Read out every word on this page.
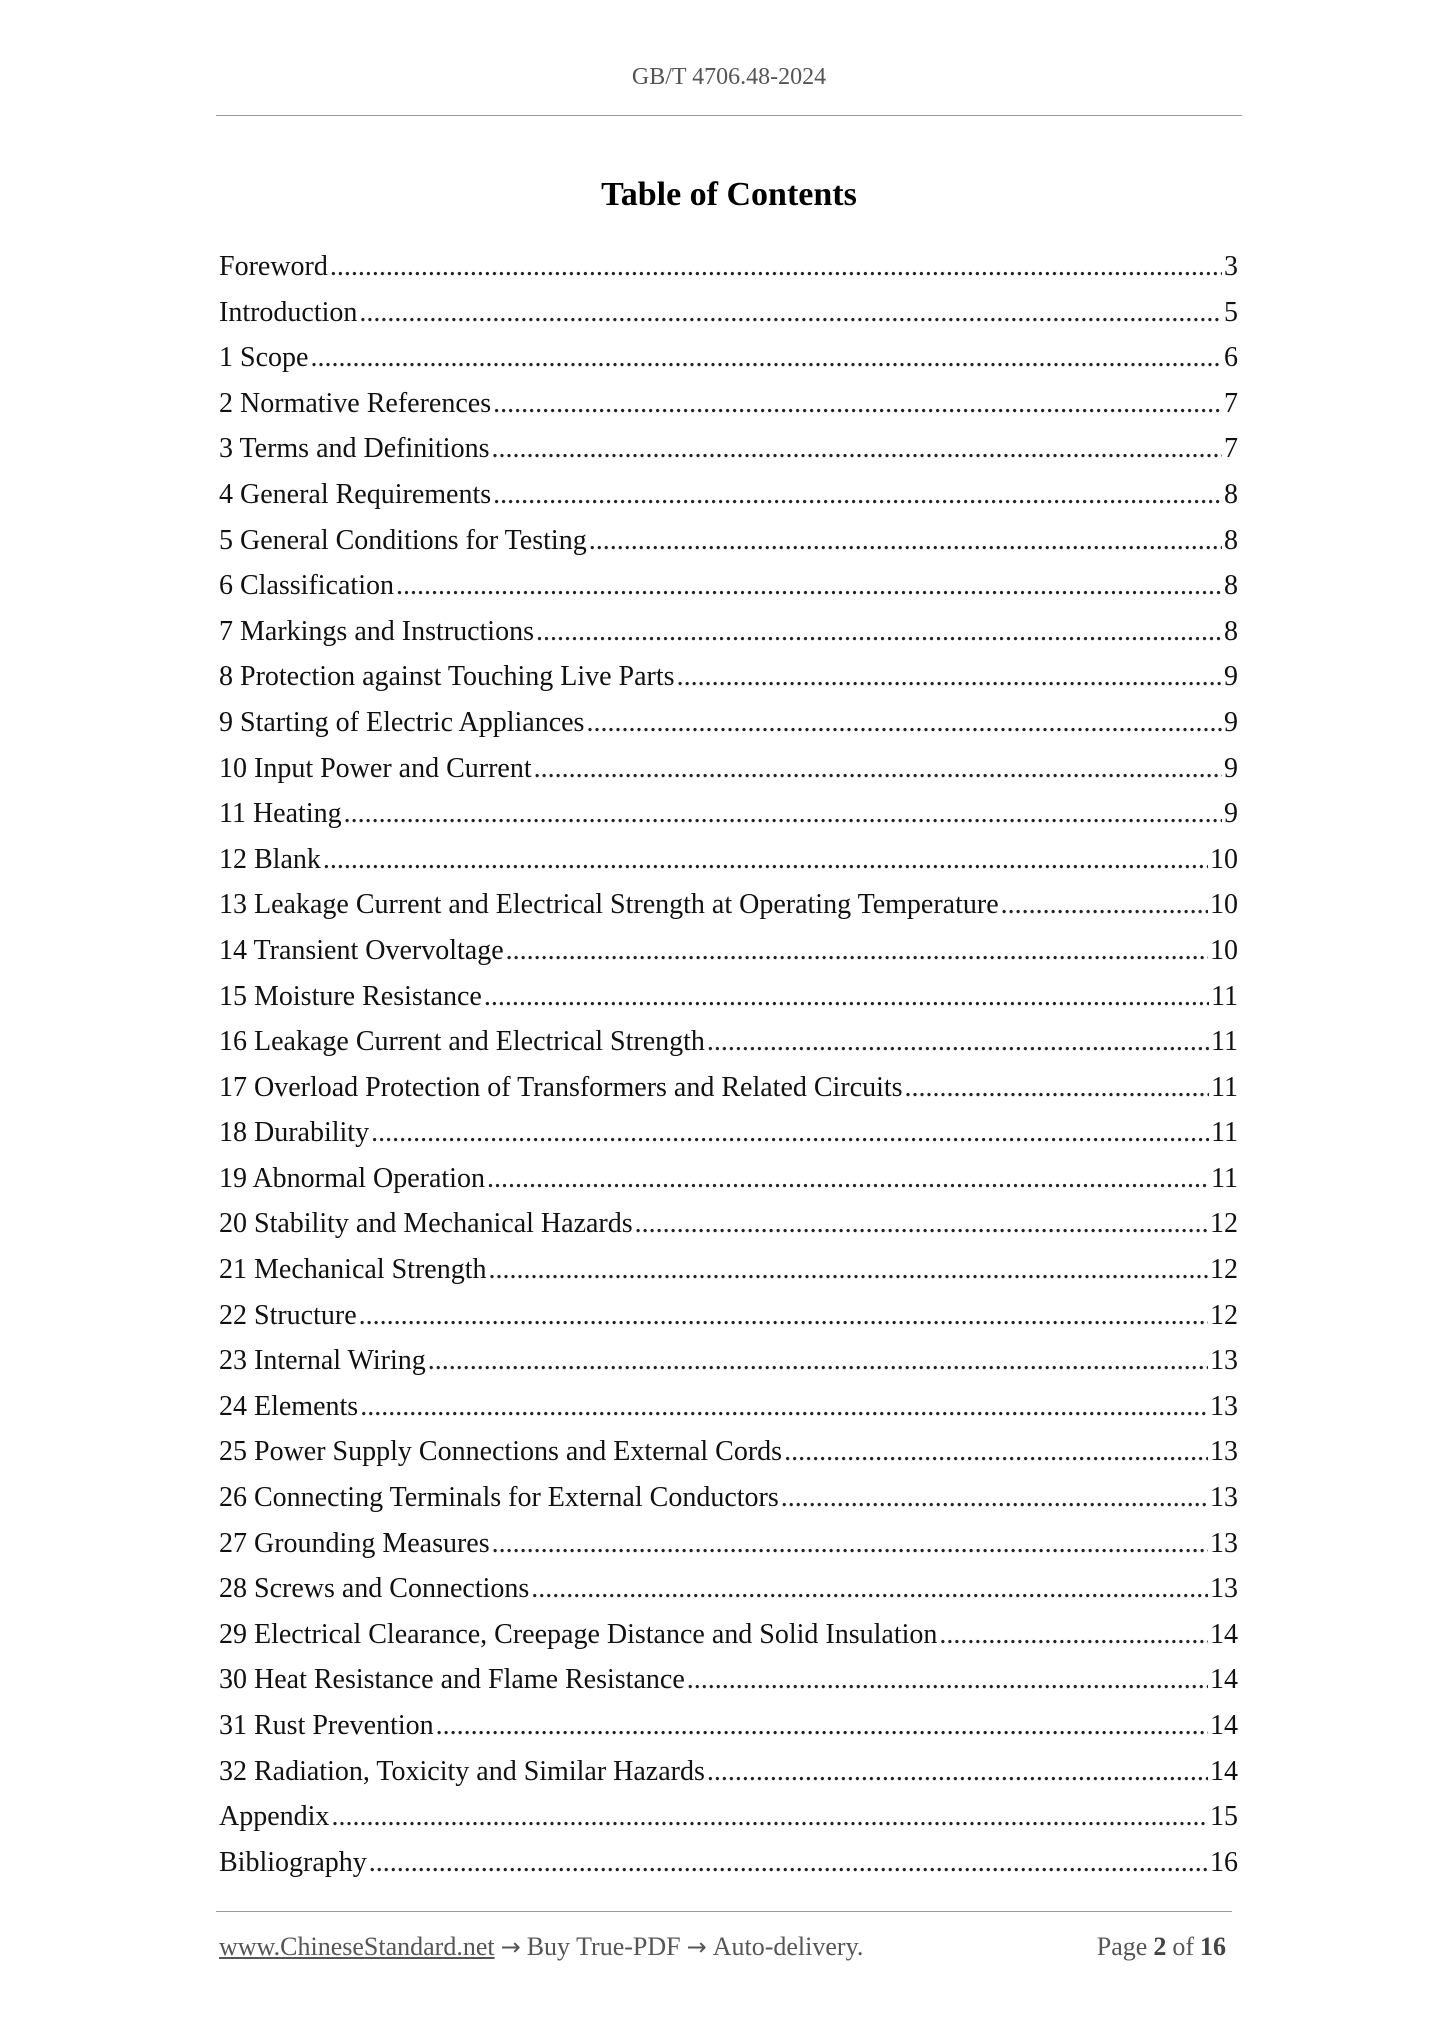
GB/T 4706.48-2024
Table of Contents
Foreword .....	3
Introduction .....	5
1 Scope .....	6
2 Normative References .....	7
3 Terms and Definitions .....	7
4 General Requirements .....	8
5 General Conditions for Testing .....	8
6 Classification .....	8
7 Markings and Instructions .....	8
8 Protection against Touching Live Parts .....	9
9 Starting of Electric Appliances .....	9
10 Input Power and Current .....	9
11 Heating .....	9
12 Blank .....	10
13 Leakage Current and Electrical Strength at Operating Temperature .....	10
14 Transient Overvoltage .....	10
15 Moisture Resistance .....	11
16 Leakage Current and Electrical Strength .....	11
17 Overload Protection of Transformers and Related Circuits .....	11
18 Durability .....	11
19 Abnormal Operation .....	11
20 Stability and Mechanical Hazards .....	12
21 Mechanical Strength .....	12
22 Structure .....	12
23 Internal Wiring .....	13
24 Elements .....	13
25 Power Supply Connections and External Cords .....	13
26 Connecting Terminals for External Conductors .....	13
27 Grounding Measures .....	13
28 Screws and Connections .....	13
29 Electrical Clearance, Creepage Distance and Solid Insulation .....	14
30 Heat Resistance and Flame Resistance .....	14
31 Rust Prevention .....	14
32 Radiation, Toxicity and Similar Hazards .....	14
Appendix .....	15
Bibliography .....	16
www.ChineseStandard.net → Buy True-PDF → Auto-delivery.	Page 2 of 16
